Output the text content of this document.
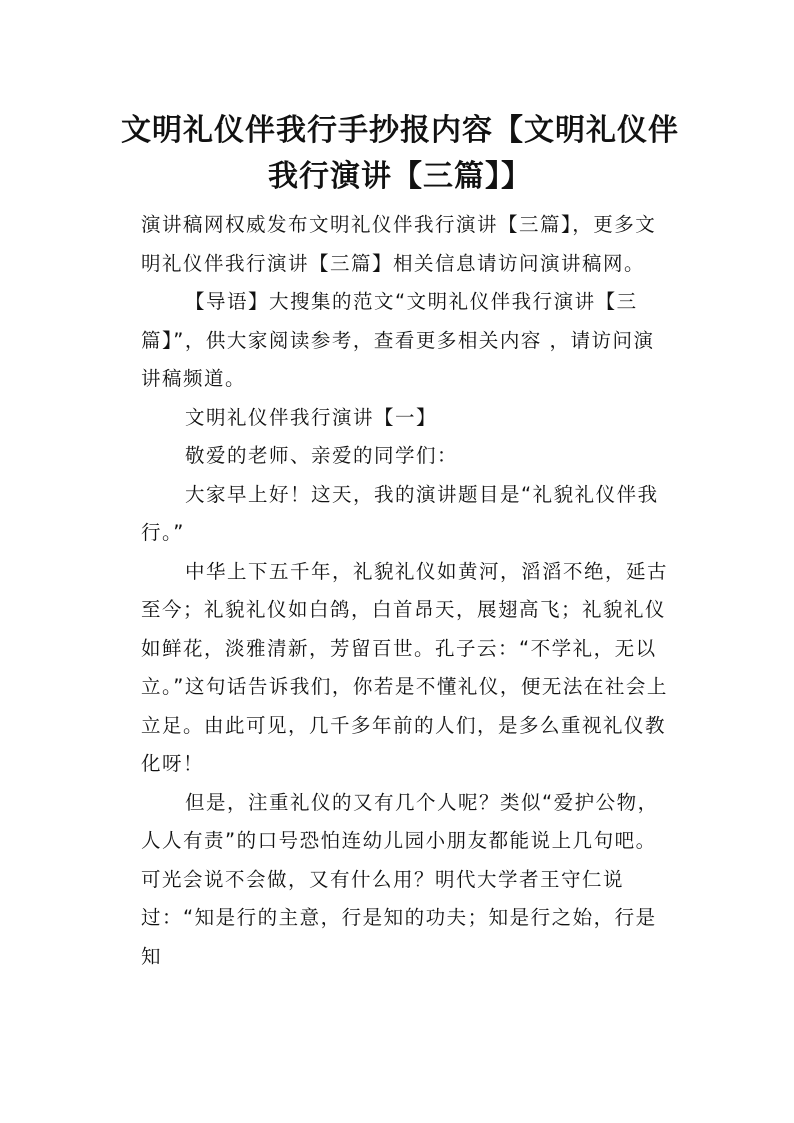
文明礼仪伴我行手抄报内容【文明礼仪伴我行演讲【三篇】】

演讲稿网权威发布文明礼仪伴我行演讲【三篇】，更多文明礼仪伴我行演讲【三篇】相关信息请访问演讲稿网。

【导语】大搜集的范文“文明礼仪伴我行演讲【三篇】”，供大家阅读参考，查看更多相关内容 ，请访问演讲稿频道。

文明礼仪伴我行演讲【一】

敬爱的老师、亲爱的同学们：

大家早上好！这天，我的演讲题目是“礼貌礼仪伴我行。”

中华上下五千年，礼貌礼仪如黄河，滔滔不绝，延古至今；礼貌礼仪如白鸽，白首昂天，展翅高飞；礼貌礼仪如鲜花，淡雅清新，芳留百世。孔子云：“不学礼，无以立。”这句话告诉我们，你若是不懂礼仪，便无法在社会上立足。由此可见，几千多年前的人们，是多么重视礼仪教化呀！

但是，注重礼仪的又有几个人呢？类似“爱护公物，人人有责”的口号恐怕连幼儿园小朋友都能说上几句吧。可光会说不会做，又有什么用？明代大学者王守仁说过：“知是行的主意，行是知的功夫；知是行之始，行是知
